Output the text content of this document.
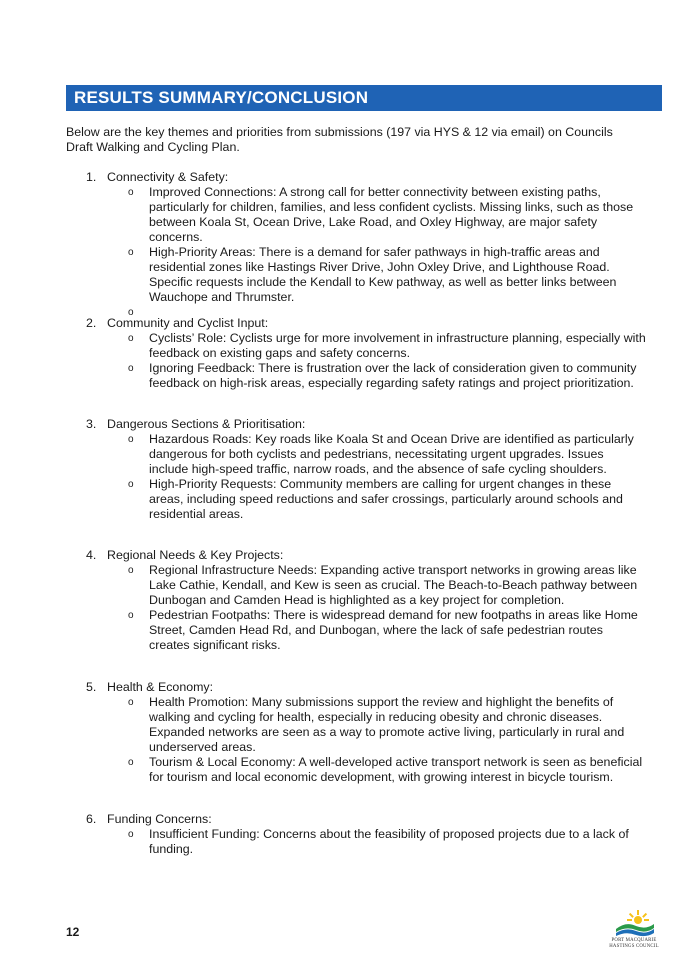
RESULTS SUMMARY/CONCLUSION

Below are the key themes and priorities from submissions (197 via HYS & 12 via email) on Councils Draft Walking and Cycling Plan.

1. Connectivity & Safety:
o Improved Connections: A strong call for better connectivity between existing paths, particularly for children, families, and less confident cyclists. Missing links, such as those between Koala St, Ocean Drive, Lake Road, and Oxley Highway, are major safety concerns.
o High-Priority Areas: There is a demand for safer pathways in high-traffic areas and residential zones like Hastings River Drive, John Oxley Drive, and Lighthouse Road. Specific requests include the Kendall to Kew pathway, as well as better links between Wauchope and Thrumster.
o
2. Community and Cyclist Input:
o Cyclists’ Role: Cyclists urge for more involvement in infrastructure planning, especially with feedback on existing gaps and safety concerns.
o Ignoring Feedback: There is frustration over the lack of consideration given to community feedback on high-risk areas, especially regarding safety ratings and project prioritization.
3. Dangerous Sections & Prioritisation:
o Hazardous Roads: Key roads like Koala St and Ocean Drive are identified as particularly dangerous for both cyclists and pedestrians, necessitating urgent upgrades. Issues include high-speed traffic, narrow roads, and the absence of safe cycling shoulders.
o High-Priority Requests: Community members are calling for urgent changes in these areas, including speed reductions and safer crossings, particularly around schools and residential areas.
4. Regional Needs & Key Projects:
o Regional Infrastructure Needs: Expanding active transport networks in growing areas like Lake Cathie, Kendall, and Kew is seen as crucial. The Beach-to-Beach pathway between Dunbogan and Camden Head is highlighted as a key project for completion.
o Pedestrian Footpaths: There is widespread demand for new footpaths in areas like Home Street, Camden Head Rd, and Dunbogan, where the lack of safe pedestrian routes creates significant risks.
5. Health & Economy:
o Health Promotion: Many submissions support the review and highlight the benefits of walking and cycling for health, especially in reducing obesity and chronic diseases. Expanded networks are seen as a way to promote active living, particularly in rural and underserved areas.
o Tourism & Local Economy: A well-developed active transport network is seen as beneficial for tourism and local economic development, with growing interest in bicycle tourism.
6. Funding Concerns:
o Insufficient Funding: Concerns about the feasibility of proposed projects due to a lack of funding.
12
PORT MACQUARIE HASTINGS COUNCIL
